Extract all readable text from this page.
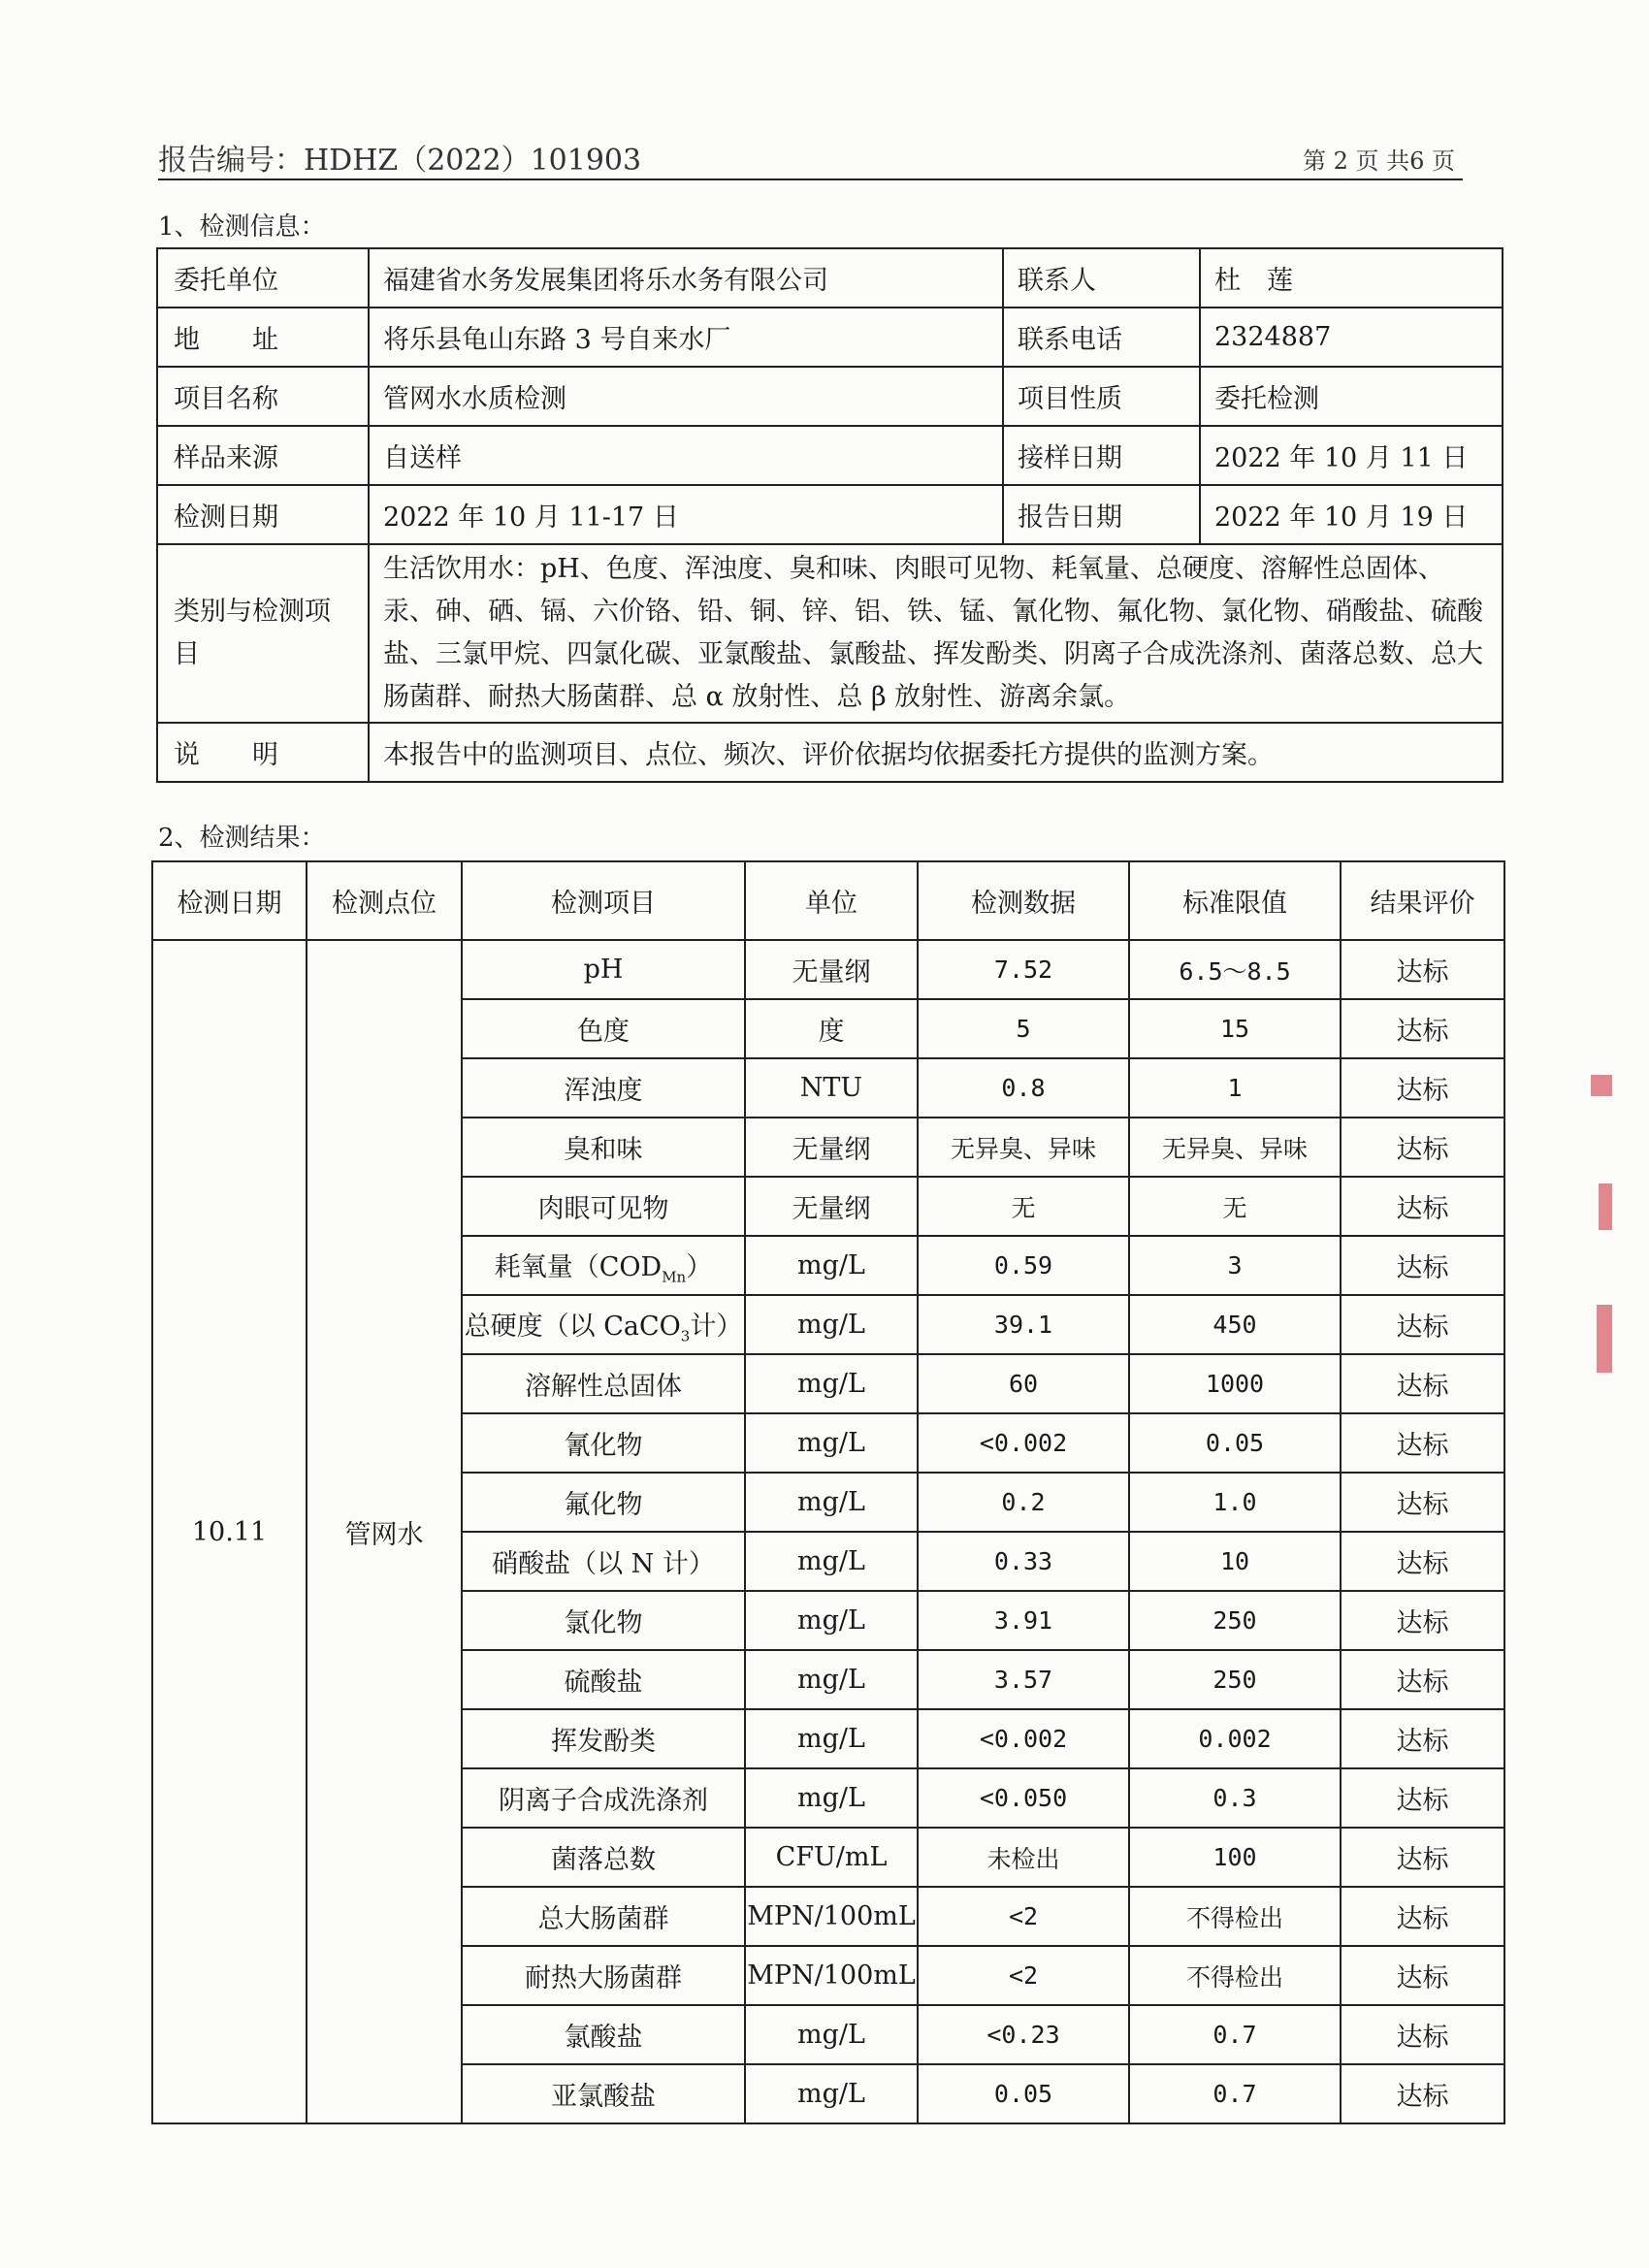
报告编号：HDHZ（2022）101903	第 2 页 共6 页
1、检测信息：
委托单位	福建省水务发展集团将乐水务有限公司	联系人	杜　莲
地　　址	将乐县龟山东路 3 号自来水厂	联系电话	2324887
项目名称	管网水水质检测	项目性质	委托检测
样品来源	自送样	接样日期	2022 年 10 月 11 日
检测日期	2022 年 10 月 11-17 日	报告日期	2022 年 10 月 19 日
类别与检测项目	生活饮用水：pH、色度、浑浊度、臭和味、肉眼可见物、耗氧量、总硬度、溶解性总固体、汞、砷、硒、镉、六价铬、铅、铜、锌、铝、铁、锰、氰化物、氟化物、氯化物、硝酸盐、硫酸盐、三氯甲烷、四氯化碳、亚氯酸盐、氯酸盐、挥发酚类、阴离子合成洗涤剂、菌落总数、总大肠菌群、耐热大肠菌群、总 α 放射性、总 β 放射性、游离余氯。		
说　　明	本报告中的监测项目、点位、频次、评价依据均依据委托方提供的监测方案。		
2、检测结果：
检测日期	检测点位	检测项目	单位	检测数据	标准限值	结果评价
10.11	管网水	pH	无量纲	7.52	6.5～8.5	达标
		色度	度	5	15	达标
		浑浊度	NTU	0.8	1	达标
		臭和味	无量纲	无异臭、异味	无异臭、异味	达标
		肉眼可见物	无量纲	无	无	达标
		耗氧量$(COD_{Mn})$	mg/L	0.59	3	达标
		总硬度（以 CaCO$_3$计）	mg/L	39.1	450	达标
		溶解性总固体	mg/L	60	1000	达标
		氰化物	mg/L	<0.002	0.05	达标
		氟化物	mg/L	0.2	1.0	达标
		硝酸盐（以 N 计）	mg/L	0.33	10	达标
		氯化物	mg/L	3.91	250	达标
		硫酸盐	mg/L	3.57	250	达标
		挥发酚类	mg/L	<0.002	0.002	达标
		阴离子合成洗涤剂	mg/L	<0.050	0.3	达标
		菌落总数	CFU/mL	未检出	100	达标
		总大肠菌群	MPN/100mL	<2	不得检出	达标
		耐热大肠菌群	MPN/100mL	<2	不得检出	达标
		氯酸盐	mg/L	<0.23	0.7	达标
		亚氯酸盐	mg/L	0.05	0.7	达标
